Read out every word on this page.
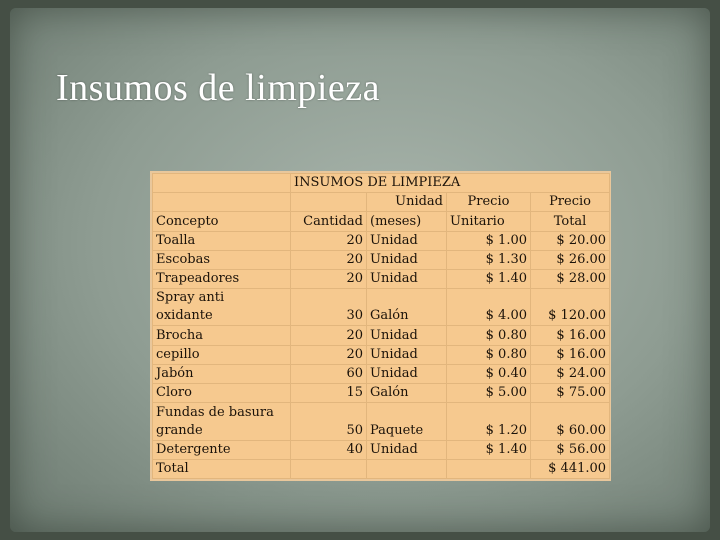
Insumos de limpieza
	INSUMOS DE LIMPIEZA			
		Unidad	Precio	Precio
Concepto	Cantidad	(meses)	Unitario	Total
Toalla	20	Unidad	$ 1.00	$ 20.00
Escobas	20	Unidad	$ 1.30	$ 26.00
Trapeadores	20	Unidad	$ 1.40	$ 28.00
Spray anti
oxidante	30	Galón	$ 4.00	$ 120.00
Brocha	20	Unidad	$ 0.80	$ 16.00
cepillo	20	Unidad	$ 0.80	$ 16.00
Jabón	60	Unidad	$ 0.40	$ 24.00
Cloro	15	Galón	$ 5.00	$ 75.00
Fundas de basura
grande	50	Paquete	$ 1.20	$ 60.00
Detergente	40	Unidad	$ 1.40	$ 56.00
Total				$ 441.00
